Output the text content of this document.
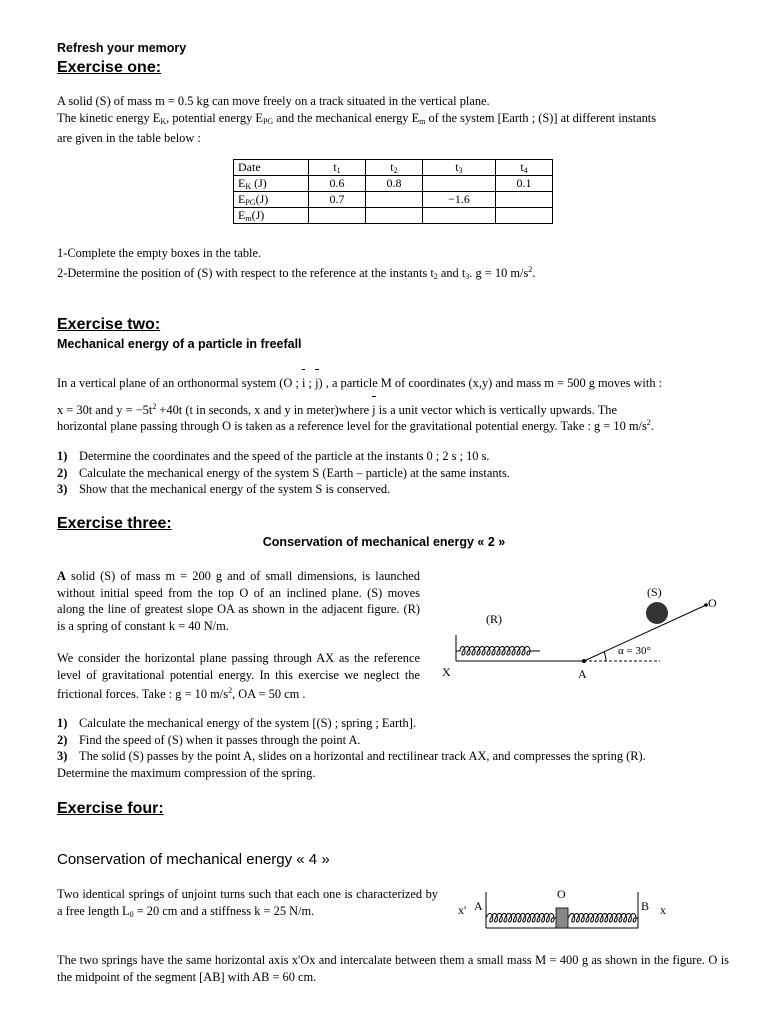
Refresh your memory
Exercise one:
A solid (S) of mass m = 0.5 kg can move freely on a track situated in the vertical plane.
The kinetic energy $E_K$, potential energy $E_{PG}$ and the mechanical energy $E_m$ of the system [Earth ; (S)] at different instants
are given in the table below :
Date	$t_1$	$t_2$	$t_3$	$t_4$
$E_K$ (J)	0.6	0.8		0.1
$E_{PG}(J)$	0.7		−1.6	
$E_m(J)$				
1-Complete the empty boxes in the table.
2-Determine the position of (S) with respect to the reference at the instants $t_2$ and $t_3$. g = 10 $m/s^2$.
Exercise two:
Mechanical energy of a particle in freefall
In a vertical plane of an orthonormal system (O ; i ; j) , a particle M of coordinates (x,y) and mass m = 500 g moves with :
x = 30t and $y = -5t^2 +40t$ (t in seconds, x and y in meter)where j is a unit vector which is vertically upwards. The
horizontal plane passing through O is taken as a reference level for the gravitational potential energy. Take : g = 10 $m/s^2$.
1) Determine the coordinates and the speed of the particle at the instants 0 ; 2 s ; 10 s.
2) Calculate the mechanical energy of the system S (Earth – particle) at the same instants.
3) Show that the mechanical energy of the system S is conserved.
Exercise three:
Conservation of mechanical energy « 2 »
A solid (S) of mass m = 200 g and of small dimensions, is launched without initial speed from the top O of an inclined plane. (S) moves along the line of greatest slope OA as shown in the adjacent figure. (R) is a spring of constant k = 40 N/m.
We consider the horizontal plane passing through AX as the reference level of gravitational potential energy. In this exercise we neglect the frictional forces. Take : g = 10 $m/s^2$, OA = 50 cm .
(S)
O
(R)
X	A
α = 30°
1) Calculate the mechanical energy of the system [(S) ; spring ; Earth].
2) Find the speed of (S) when it passes through the point A.
3) The solid (S) passes by the point A, slides on a horizontal and rectilinear track AX, and compresses the spring (R).
Determine the maximum compression of the spring.
Exercise four:
Conservation of mechanical energy « 4 »
Two identical springs of unjoint turns such that each one is characterized by a free length $L_0 = 20$ cm and a stiffness k = 25 N/m.	x' A
O
B x
The two springs have the same horizontal axis x'Ox and intercalate between them a small mass M = 400 g as shown in the figure. O is the midpoint of the segment [AB] with AB = 60 cm.
